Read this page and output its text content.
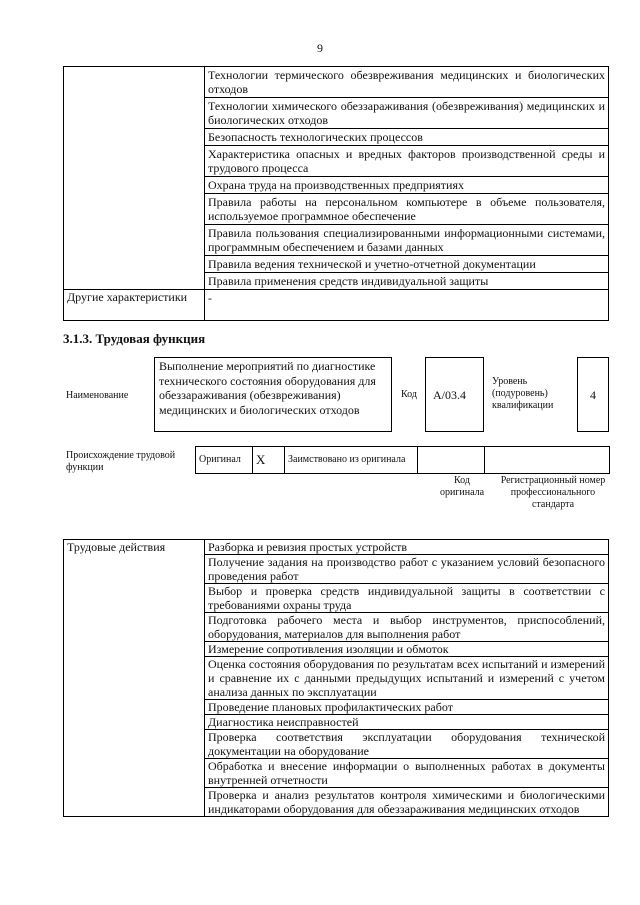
9
	Технологии термического обезвреживания медицинских и биологических отходов
	Технологии химического обеззараживания (обезвреживания) медицинских и биологических отходов
	Безопасность технологических процессов
	Характеристика опасных и вредных факторов производственной среды и трудового процесса
	Охрана труда на производственных предприятиях
	Правила работы на персональном компьютере в объеме пользователя, используемое программное обеспечение
	Правила пользования специализированными информационными системами, программным обеспечением и базами данных
	Правила ведения технической и учетно-отчетной документации
	Правила применения средств индивидуальной защиты
Другие характеристики	-
3.1.3. Трудовая функция
Наименование
Выполнение мероприятий по диагностике технического состояния оборудования для обеззараживания (обезвреживания) медицинских и биологических отходов
Код	А/03.4
Уровень (подуровень) квалификации
4
Происхождение трудовой функции
Оригинал	X	Заимствовано из оригинала		
Код оригинала
Регистрационный номер профессионального стандарта
Трудовые действия	Разборка и ревизия простых устройств
Получение задания на производство работ с указанием условий безопасного проведения работ
Выбор и проверка средств индивидуальной защиты в соответствии с требованиями охраны труда
Подготовка рабочего места и выбор инструментов, приспособлений, оборудования, материалов для выполнения работ
Измерение сопротивления изоляции и обмоток
Оценка состояния оборудования по результатам всех испытаний и измерений и сравнение их с данными предыдущих испытаний и измерений с учетом анализа данных по эксплуатации
Проведение плановых профилактических работ
Диагностика неисправностей
Проверка соответствия эксплуатации оборудования технической документации на оборудование
Обработка и внесение информации о выполненных работах в документы внутренней отчетности
Проверка и анализ результатов контроля химическими и биологическими индикаторами оборудования для обеззараживания медицинских отходов
